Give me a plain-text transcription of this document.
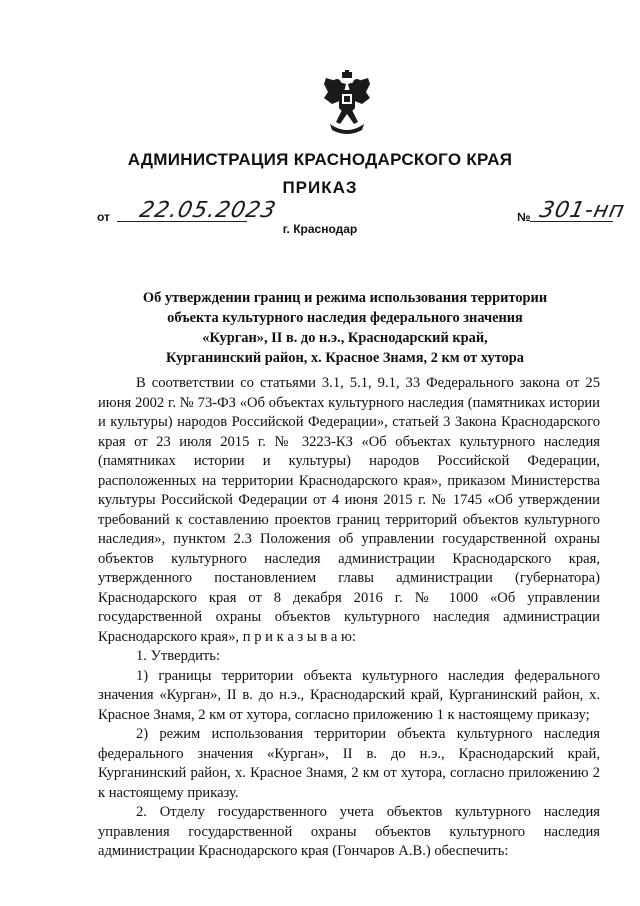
АДМИНИСТРАЦИЯ КРАСНОДАРСКОГО КРАЯ
ПРИКАЗ
от 22.05.2023	№ 301-нп
г. Краснодар
Об утверждении границ и режима использования территории
объекта культурного наследия федерального значения
«Курган», II в. до н.э., Краснодарский край,
Курганинский район, х. Красное Знамя, 2 км от хутора

В соответствии со статьями 3.1, 5.1, 9.1, 33 Федерального закона от 25 июня 2002 г. № 73-ФЗ «Об объектах культурного наследия (памятниках истории и культуры) народов Российской Федерации», статьей 3 Закона Краснодарского края от 23 июля 2015 г. № 3223-КЗ «Об объектах культурного наследия (памятниках истории и культуры) народов Российской Федерации, расположенных на территории Краснодарского края», приказом Министерства культуры Российской Федерации от 4 июня 2015 г. № 1745 «Об утверждении требований к составлению проектов границ территорий объектов культурного наследия», пунктом 2.3 Положения об управлении государственной охраны объектов культурного наследия администрации Краснодарского края, утвержденного постановлением главы администрации (губернатора) Краснодарского края от 8 декабря 2016 г. № 1000 «Об управлении государственной охраны объектов культурного наследия администрации Краснодарского края», п р и к а з ы в а ю:

1. Утвердить:

1) границы территории объекта культурного наследия федерального значения «Курган», II в. до н.э., Краснодарский край, Курганинский район, х. Красное Знамя, 2 км от хутора, согласно приложению 1 к настоящему приказу;

2) режим использования территории объекта культурного наследия федерального значения «Курган», II в. до н.э., Краснодарский край, Курганинский район, х. Красное Знамя, 2 км от хутора, согласно приложению 2 к настоящему приказу.

2. Отделу государственного учета объектов культурного наследия управления государственной охраны объектов культурного наследия администрации Краснодарского края (Гончаров А.В.) обеспечить:
